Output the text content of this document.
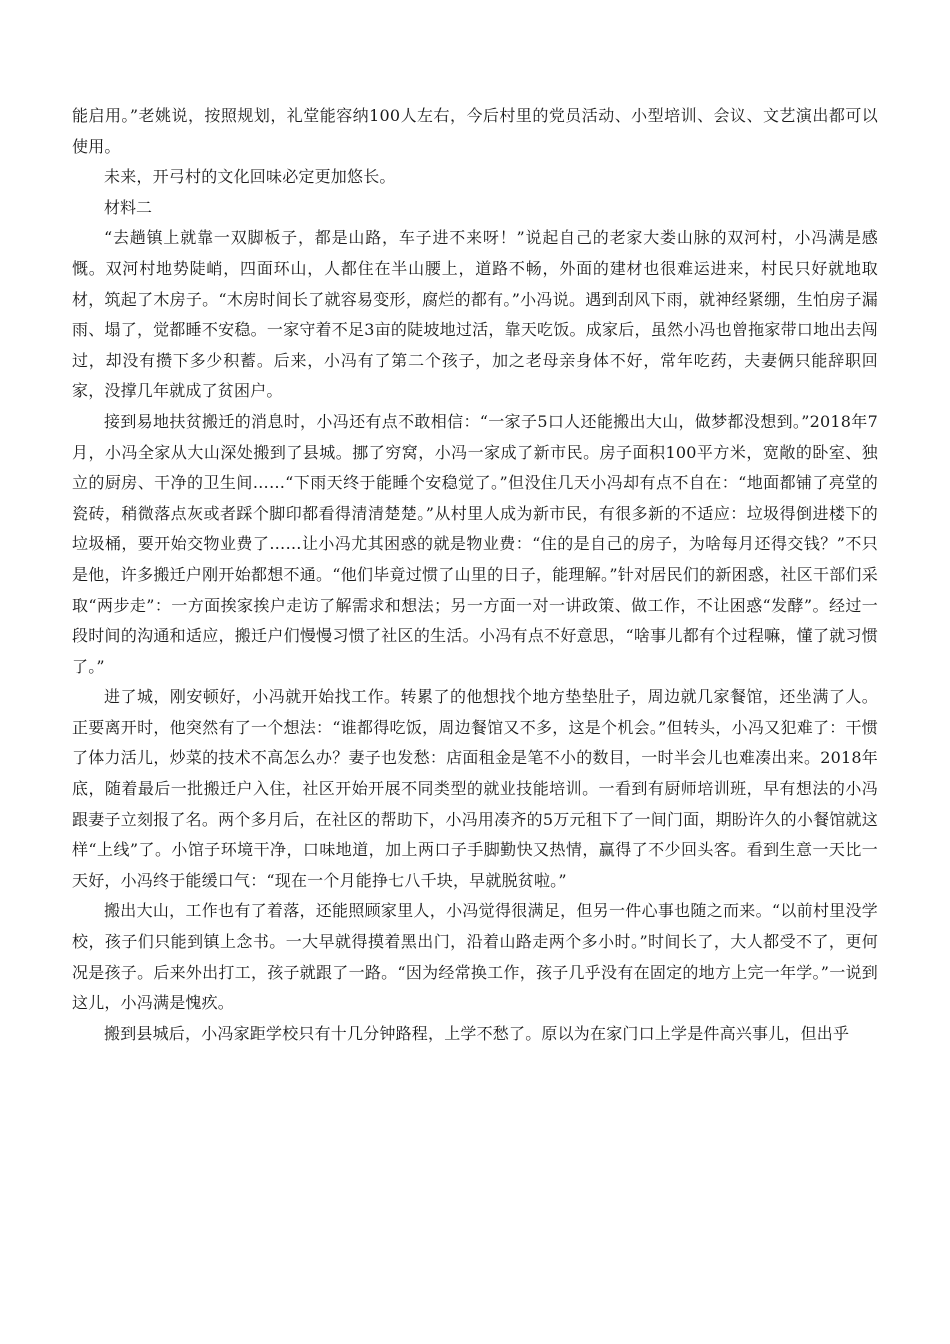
能启用。”老姚说，按照规划，礼堂能容纳100人左右，今后村里的党员活动、小型培训、会议、文艺演出都可以使用。

未来，开弓村的文化回味必定更加悠长。

材料二

“去趟镇上就靠一双脚板子，都是山路，车子进不来呀！”说起自己的老家大娄山脉的双河村，小冯满是感慨。双河村地势陡峭，四面环山，人都住在半山腰上，道路不畅，外面的建材也很难运进来，村民只好就地取材，筑起了木房子。“木房时间长了就容易变形，腐烂的都有。”小冯说。遇到刮风下雨，就神经紧绷，生怕房子漏雨、塌了，觉都睡不安稳。一家守着不足3亩的陡坡地过活，靠天吃饭。成家后，虽然小冯也曾拖家带口地出去闯过，却没有攒下多少积蓄。后来，小冯有了第二个孩子，加之老母亲身体不好，常年吃药，夫妻俩只能辞职回家，没撑几年就成了贫困户。

接到易地扶贫搬迁的消息时，小冯还有点不敢相信：“一家子5口人还能搬出大山，做梦都没想到。”2018年7月，小冯全家从大山深处搬到了县城。挪了穷窝，小冯一家成了新市民。房子面积100平方米，宽敞的卧室、独立的厨房、干净的卫生间……“下雨天终于能睡个安稳觉了。”但没住几天小冯却有点不自在：“地面都铺了亮堂的瓷砖，稍微落点灰或者踩个脚印都看得清清楚楚。”从村里人成为新市民，有很多新的不适应：垃圾得倒进楼下的垃圾桶，要开始交物业费了……让小冯尤其困惑的就是物业费：“住的是自己的房子，为啥每月还得交钱？”不只是他，许多搬迁户刚开始都想不通。“他们毕竟过惯了山里的日子，能理解。”针对居民们的新困惑，社区干部们采取“两步走”：一方面挨家挨户走访了解需求和想法；另一方面一对一讲政策、做工作，不让困惑“发酵”。经过一段时间的沟通和适应，搬迁户们慢慢习惯了社区的生活。小冯有点不好意思，“啥事儿都有个过程嘛，懂了就习惯了。”

进了城，刚安顿好，小冯就开始找工作。转累了的他想找个地方垫垫肚子，周边就几家餐馆，还坐满了人。正要离开时，他突然有了一个想法：“谁都得吃饭，周边餐馆又不多，这是个机会。”但转头，小冯又犯难了：干惯了体力活儿，炒菜的技术不高怎么办？妻子也发愁：店面租金是笔不小的数目，一时半会儿也难凑出来。2018年底，随着最后一批搬迁户入住，社区开始开展不同类型的就业技能培训。一看到有厨师培训班，早有想法的小冯跟妻子立刻报了名。两个多月后，在社区的帮助下，小冯用凑齐的5万元租下了一间门面，期盼许久的小餐馆就这样“上线”了。小馆子环境干净，口味地道，加上两口子手脚勤快又热情，赢得了不少回头客。看到生意一天比一天好，小冯终于能缓口气：“现在一个月能挣七八千块，早就脱贫啦。”

搬出大山，工作也有了着落，还能照顾家里人，小冯觉得很满足，但另一件心事也随之而来。“以前村里没学校，孩子们只能到镇上念书。一大早就得摸着黑出门，沿着山路走两个多小时。”时间长了，大人都受不了，更何况是孩子。后来外出打工，孩子就跟了一路。“因为经常换工作，孩子几乎没有在固定的地方上完一年学。”一说到这儿，小冯满是愧疚。

搬到县城后，小冯家距学校只有十几分钟路程，上学不愁了。原以为在家门口上学是件高兴事儿，但出乎
